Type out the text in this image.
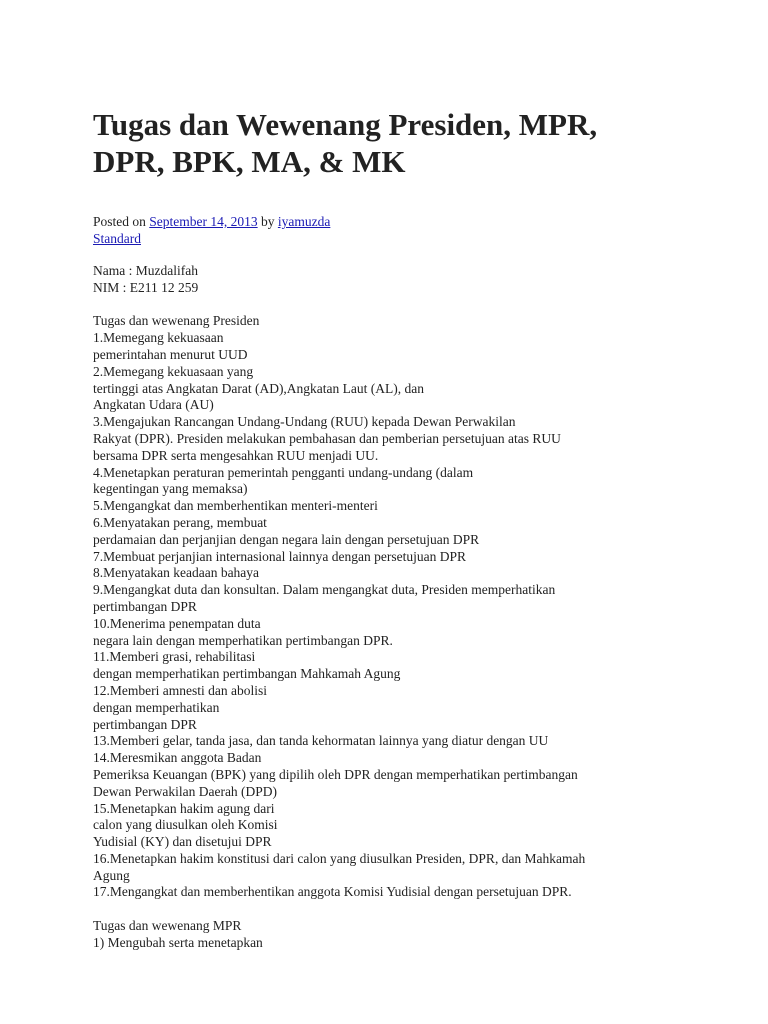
Tugas dan Wewenang Presiden, MPR,
DPR, BPK, MA, & MK
Posted on September 14, 2013 by iyamuzda
Standard
Nama : Muzdalifah
NIM : E211 12 259
Tugas dan wewenang Presiden
1.Memegang kekuasaan
pemerintahan menurut UUD
2.Memegang kekuasaan yang
tertinggi atas Angkatan Darat (AD),Angkatan Laut (AL), dan
Angkatan Udara (AU)
3.Mengajukan Rancangan Undang-Undang (RUU) kepada Dewan Perwakilan
Rakyat (DPR). Presiden melakukan pembahasan dan pemberian persetujuan atas RUU
bersama DPR serta mengesahkan RUU menjadi UU.
4.Menetapkan peraturan pemerintah pengganti undang-undang (dalam
kegentingan yang memaksa)
5.Mengangkat dan memberhentikan menteri-menteri
6.Menyatakan perang, membuat
perdamaian dan perjanjian dengan negara lain dengan persetujuan DPR
7.Membuat perjanjian internasional lainnya dengan persetujuan DPR
8.Menyatakan keadaan bahaya
9.Mengangkat duta dan konsultan. Dalam mengangkat duta, Presiden memperhatikan
pertimbangan DPR
10.Menerima penempatan duta
negara lain dengan memperhatikan pertimbangan DPR.
11.Memberi grasi, rehabilitasi
dengan memperhatikan pertimbangan Mahkamah Agung
12.Memberi amnesti dan abolisi
dengan memperhatikan
pertimbangan DPR
13.Memberi gelar, tanda jasa, dan tanda kehormatan lainnya yang diatur dengan UU
14.Meresmikan anggota Badan
Pemeriksa Keuangan (BPK) yang dipilih oleh DPR dengan memperhatikan pertimbangan
Dewan Perwakilan Daerah (DPD)
15.Menetapkan hakim agung dari
calon yang diusulkan oleh Komisi
Yudisial (KY) dan disetujui DPR
16.Menetapkan hakim konstitusi dari calon yang diusulkan Presiden, DPR, dan Mahkamah
Agung
17.Mengangkat dan memberhentikan anggota Komisi Yudisial dengan persetujuan DPR.
Tugas dan wewenang MPR
1) Mengubah serta menetapkan
